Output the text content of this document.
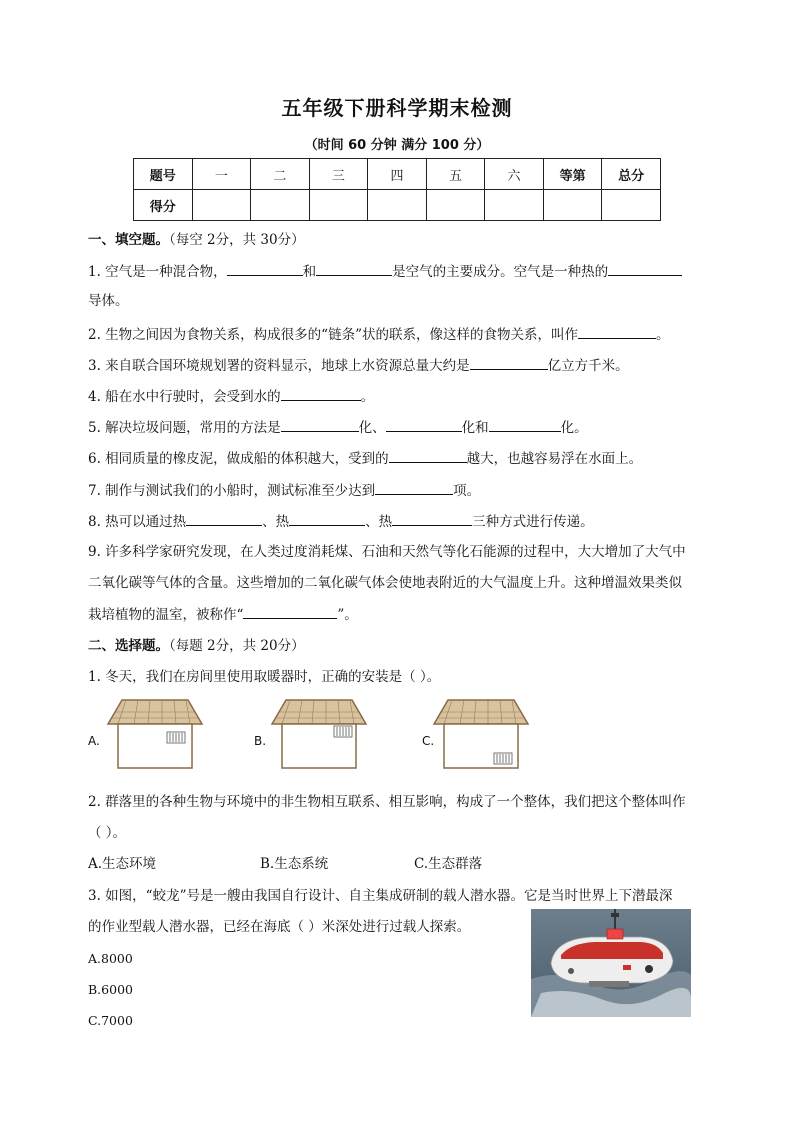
五年级下册科学期末检测
（时间 60 分钟 满分 100 分）
题号	一	二	三	四	五	六	等第	总分
得分								
一、填空题。（每空 2分，共 30分）
1. 空气是一种混合物，	和	是空气的主要成分。空气是一种热的
导体。
2. 生物之间因为食物关系，构成很多的“链条”状的联系，像这样的食物关系，叫作	。
3. 来自联合国环境规划署的资料显示，地球上水资源总量大约是	亿立方千米。
4. 船在水中行驶时，会受到水的	。
5. 解决垃圾问题，常用的方法是	化、	化和	化。
6. 相同质量的橡皮泥，做成船的体积越大，受到的	越大，也越容易浮在水面上。
7. 制作与测试我们的小船时，测试标准至少达到	项。
8. 热可以通过热	、热	、热	三种方式进行传递。
9. 许多科学家研究发现，在人类过度消耗煤、石油和天然气等化石能源的过程中，大大增加了大气中
二氧化碳等气体的含量。这些增加的二氧化碳气体会使地表附近的大气温度上升。这种增温效果类似
栽培植物的温室，被称作“	”。
二、选择题。（每题 2分，共 20分）
1. 冬天，我们在房间里使用取暖器时，正确的安装是（ ）。
A.	B.	C.
2. 群落里的各种生物与环境中的非生物相互联系、相互影响，构成了一个整体，我们把这个整体叫作
（ ）。
A.生态环境	B.生态系统	C.生态群落
3. 如图，“蛟龙”号是一艘由我国自行设计、自主集成研制的载人潜水器。它是当时世界上下潜最深
的作业型载人潜水器，已经在海底（ ）米深处进行过载人探索。
A.8000
B.6000
C.7000
